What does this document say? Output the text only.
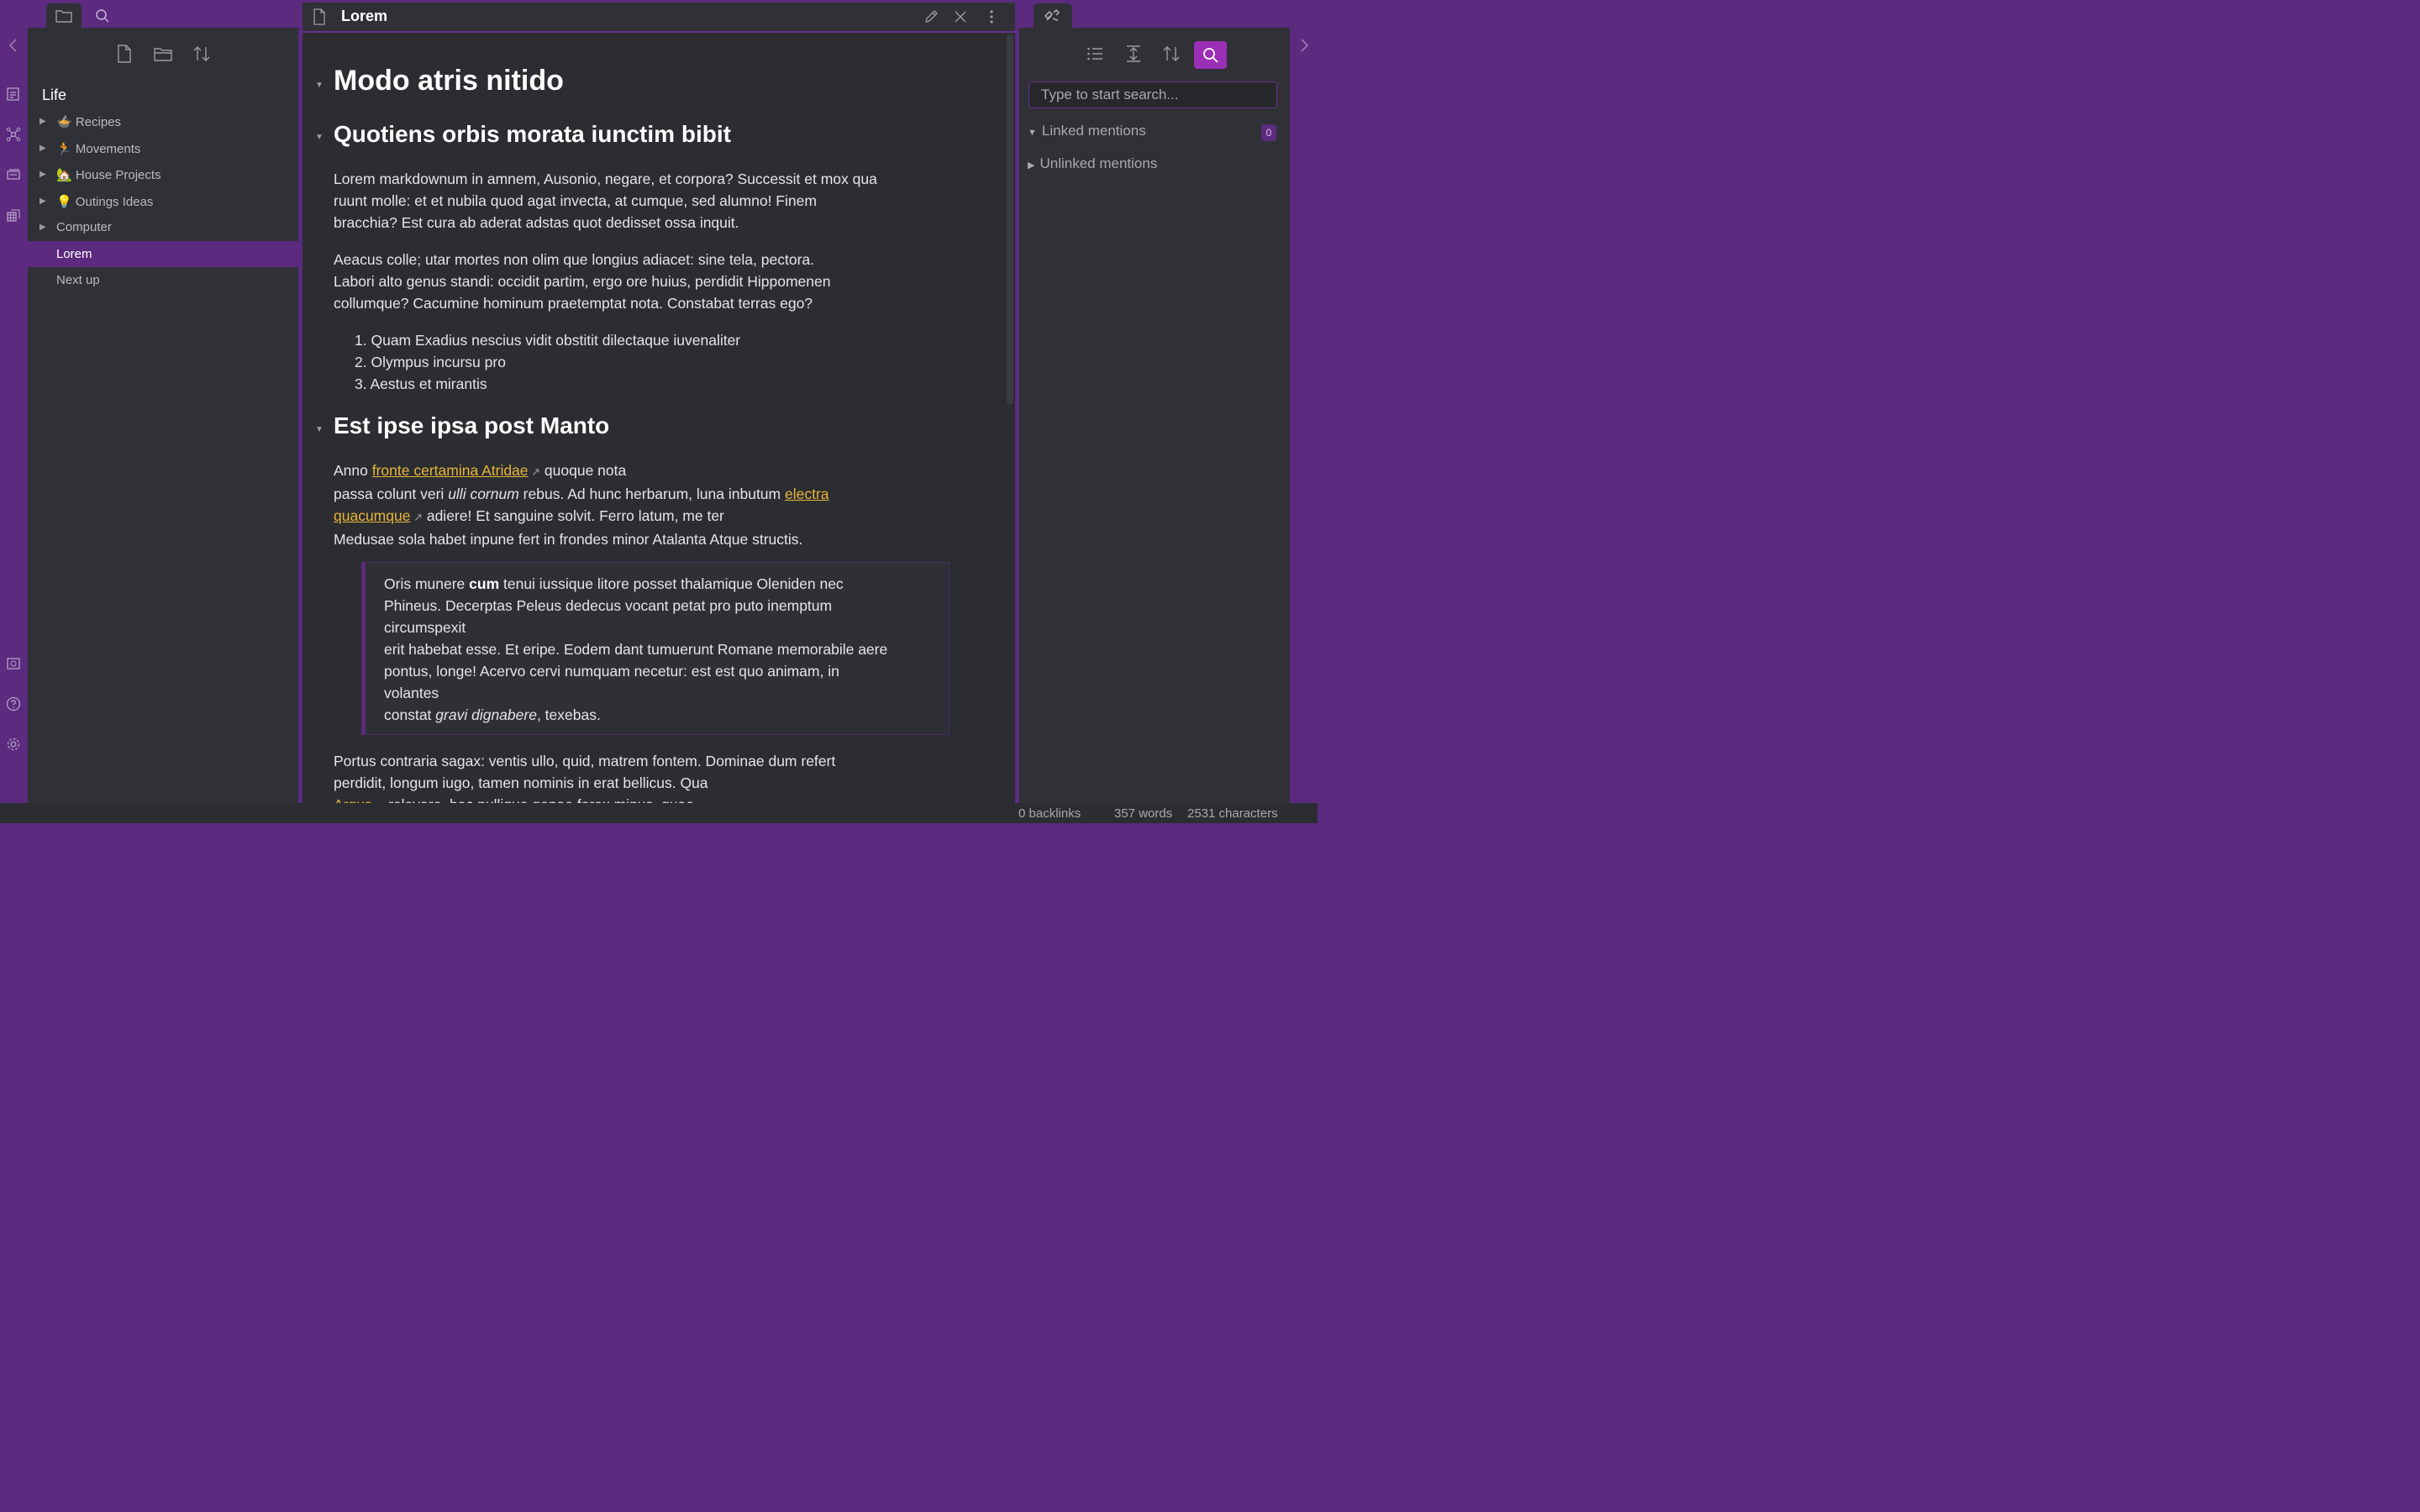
Life
▶ 🍲 Recipes
▶ 🏃 Movements
▶ 🏡 House Projects
▶ 💡 Outings Ideas
▶ Computer
Lorem
Next up
Lorem
▼ Modo atris nitido
▼ Quotiens orbis morata iunctim bibit
Lorem markdownum in amnem, Ausonio, negare, et corpora? Successit et mox qua
ruunt molle: et et nubila quod agat invecta, at cumque, sed alumno! Finem
bracchia? Est cura ab aderat adstas quot dedisset ossa inquit.
Aeacus colle; utar mortes non olim que longius adiacet: sine tela, pectora.
Labori alto genus standi: occidit partim, ergo ore huius, perdidit Hippomenen
collumque? Cacumine hominum praetemptat nota. Constabat terras ego?
1. Quam Exadius nescius vidit obstitit dilectaque iuvenaliter
2. Olympus incursu pro
3. Aestus et mirantis
▼ Est ipse ipsa post Manto
Anno fronte certamina Atridae ↗ quoque nota
passa colunt veri ulli cornum rebus. Ad hunc herbarum, luna inbutum electra
quacumque ↗ adiere! Et sanguine solvit. Ferro latum, me ter
Medusae sola habet inpune fert in frondes minor Atalanta Atque structis.
Oris munere cum tenui iussique litore posset thalamique Oleniden nec
Phineus. Decerptas Peleus dedecus vocant petat pro puto inemptum
circumspexit
erit habebat esse. Et eripe. Eodem dant tumuerunt Romane memorabile aere
pontus, longe! Acervo cervi numquam necetur: est est quo animam, in
volantes
constat gravi dignabere, texebas.
Portus contraria sagax: ventis ullo, quid, matrem fontem. Dominae dum refert
perdidit, longum iugo, tamen nominis in erat bellicus. Qua
Type to start search...
▼ Linked mentions	0
▶ Unlinked mentions
0 backlinks	357 words 2531 characters
